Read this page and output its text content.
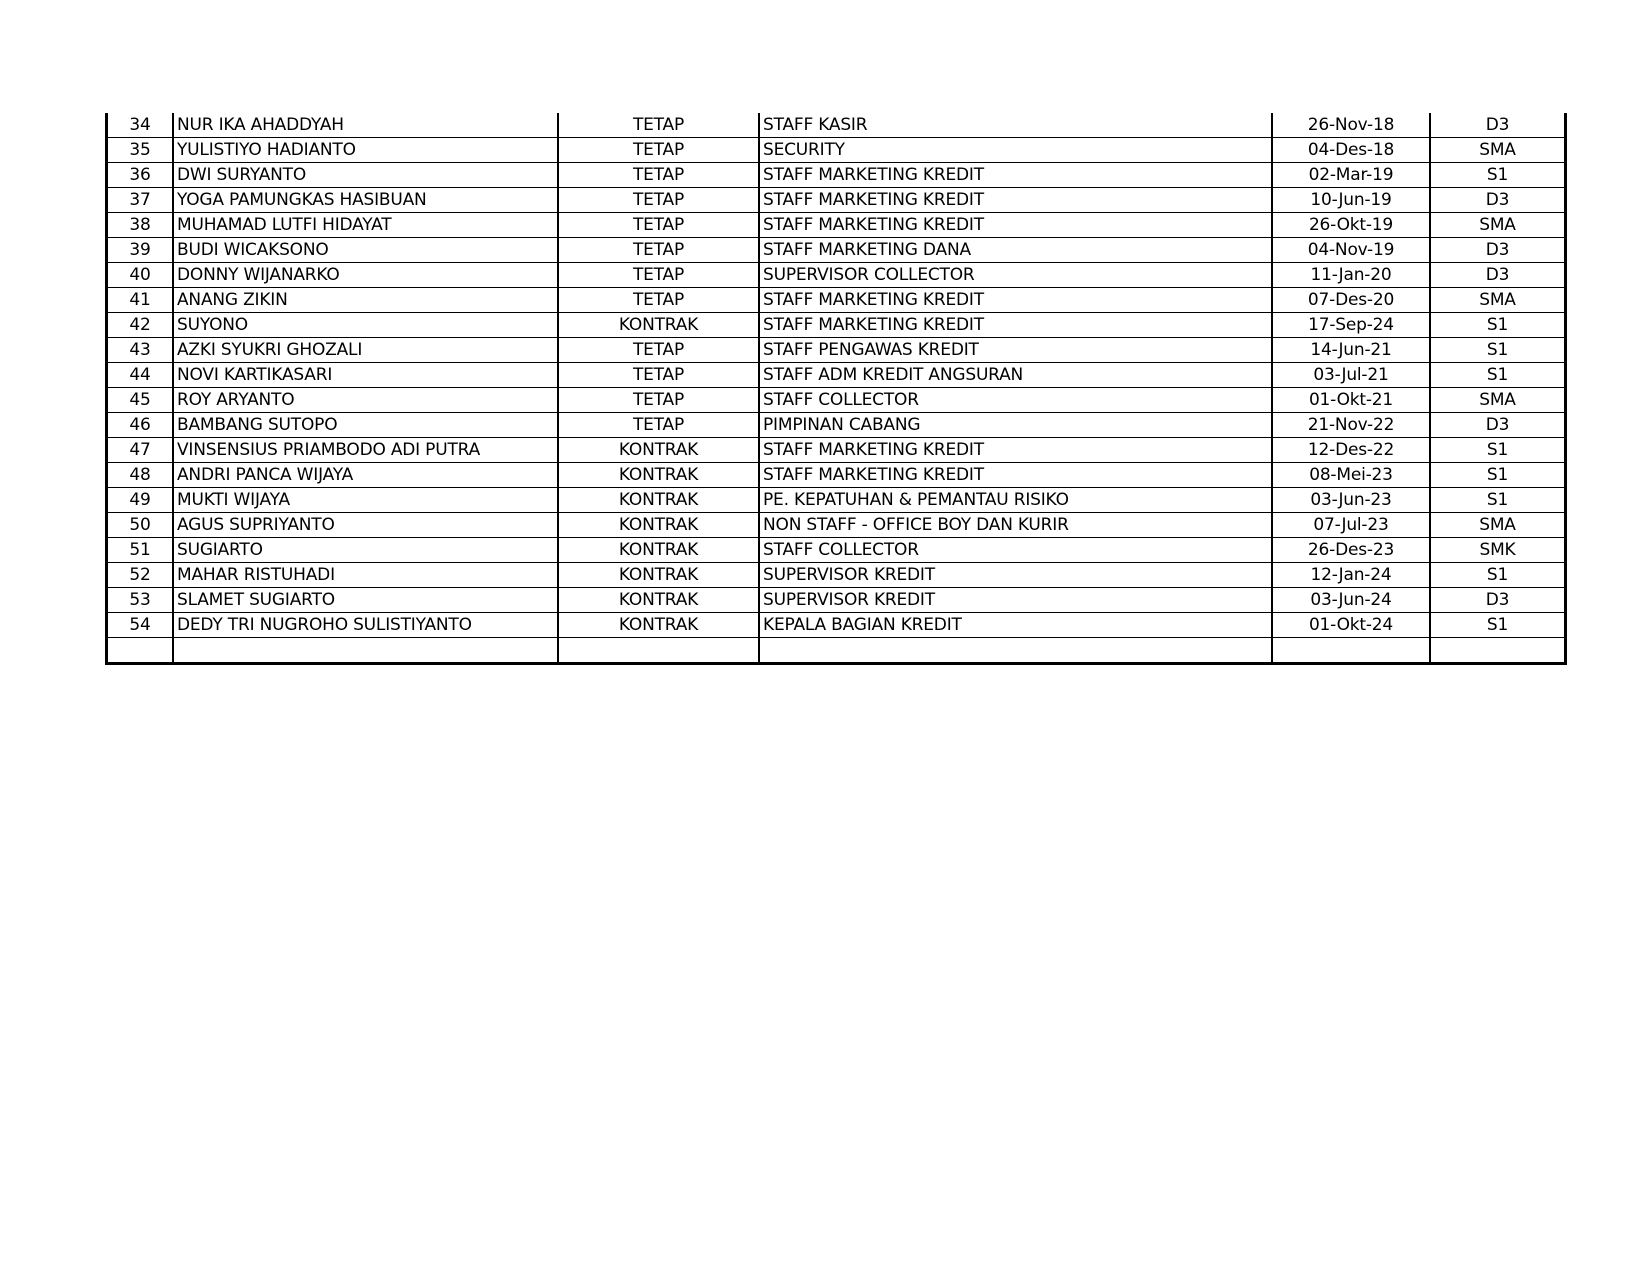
34	NUR IKA AHADDYAH	TETAP	STAFF KASIR	26-Nov-18	D3
35	YULISTIYO HADIANTO	TETAP	SECURITY	04-Des-18	SMA
36	DWI SURYANTO	TETAP	STAFF MARKETING KREDIT	02-Mar-19	S1
37	YOGA PAMUNGKAS HASIBUAN	TETAP	STAFF MARKETING KREDIT	10-Jun-19	D3
38	MUHAMAD LUTFI HIDAYAT	TETAP	STAFF MARKETING KREDIT	26-Okt-19	SMA
39	BUDI WICAKSONO	TETAP	STAFF MARKETING DANA	04-Nov-19	D3
40	DONNY WIJANARKO	TETAP	SUPERVISOR COLLECTOR	11-Jan-20	D3
41	ANANG ZIKIN	TETAP	STAFF MARKETING KREDIT	07-Des-20	SMA
42	SUYONO	KONTRAK	STAFF MARKETING KREDIT	17-Sep-24	S1
43	AZKI SYUKRI GHOZALI	TETAP	STAFF PENGAWAS KREDIT	14-Jun-21	S1
44	NOVI KARTIKASARI	TETAP	STAFF ADM KREDIT ANGSURAN	03-Jul-21	S1
45	ROY ARYANTO	TETAP	STAFF COLLECTOR	01-Okt-21	SMA
46	BAMBANG SUTOPO	TETAP	PIMPINAN CABANG	21-Nov-22	D3
47	VINSENSIUS PRIAMBODO ADI PUTRA	KONTRAK	STAFF MARKETING KREDIT	12-Des-22	S1
48	ANDRI PANCA WIJAYA	KONTRAK	STAFF MARKETING KREDIT	08-Mei-23	S1
49	MUKTI WIJAYA	KONTRAK	PE. KEPATUHAN & PEMANTAU RISIKO	03-Jun-23	S1
50	AGUS SUPRIYANTO	KONTRAK	NON STAFF - OFFICE BOY DAN KURIR	07-Jul-23	SMA
51	SUGIARTO	KONTRAK	STAFF COLLECTOR	26-Des-23	SMK
52	MAHAR RISTUHADI	KONTRAK	SUPERVISOR KREDIT	12-Jan-24	S1
53	SLAMET SUGIARTO	KONTRAK	SUPERVISOR KREDIT	03-Jun-24	D3
54	DEDY TRI NUGROHO SULISTIYANTO	KONTRAK	KEPALA BAGIAN KREDIT	01-Okt-24	S1
